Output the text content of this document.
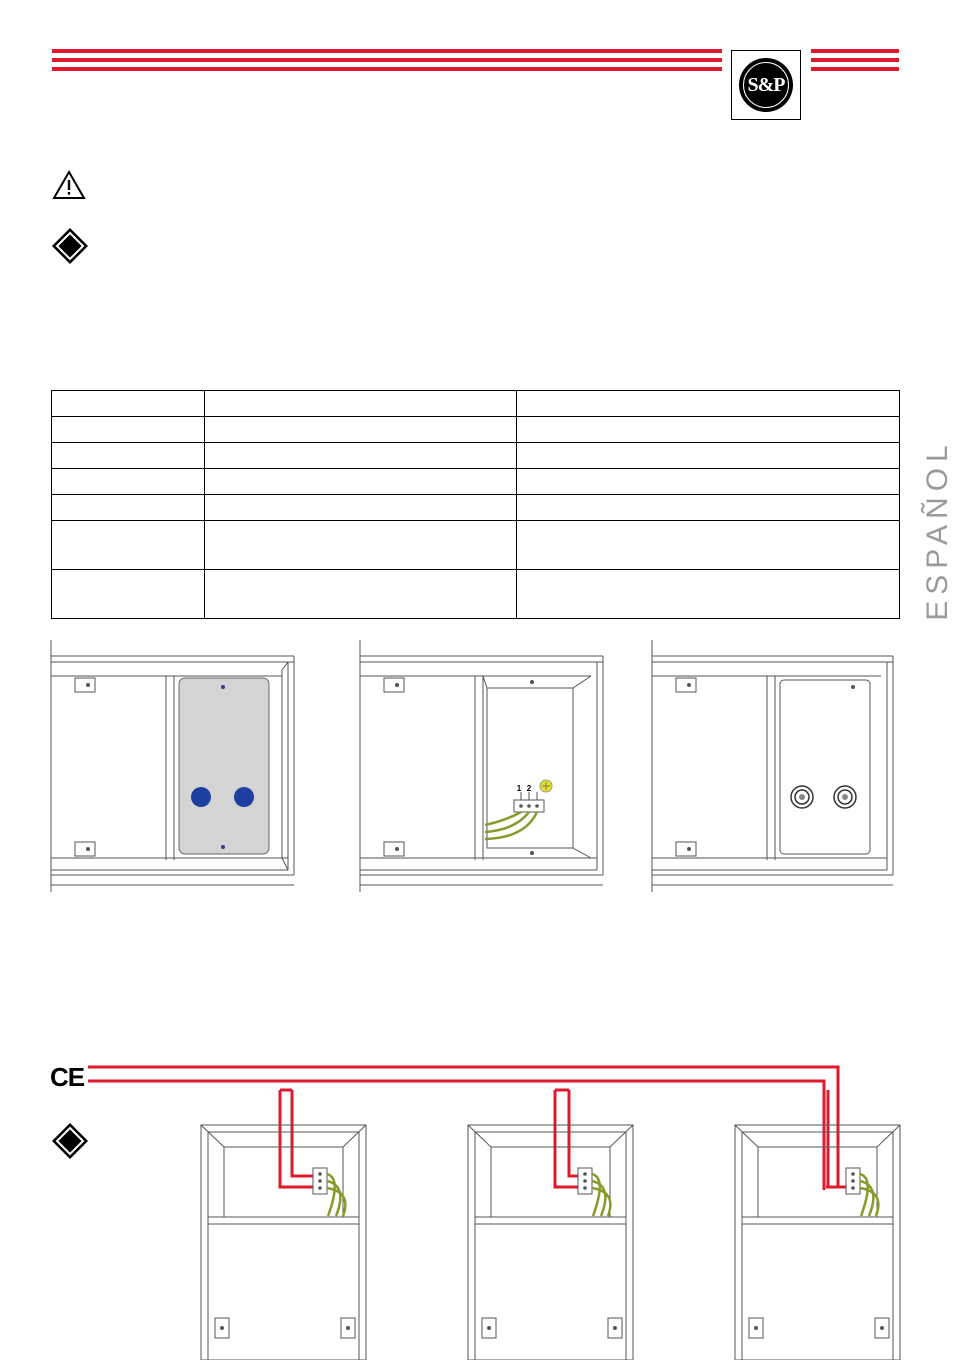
S&P

ESPAÑOL
1 2
CE
